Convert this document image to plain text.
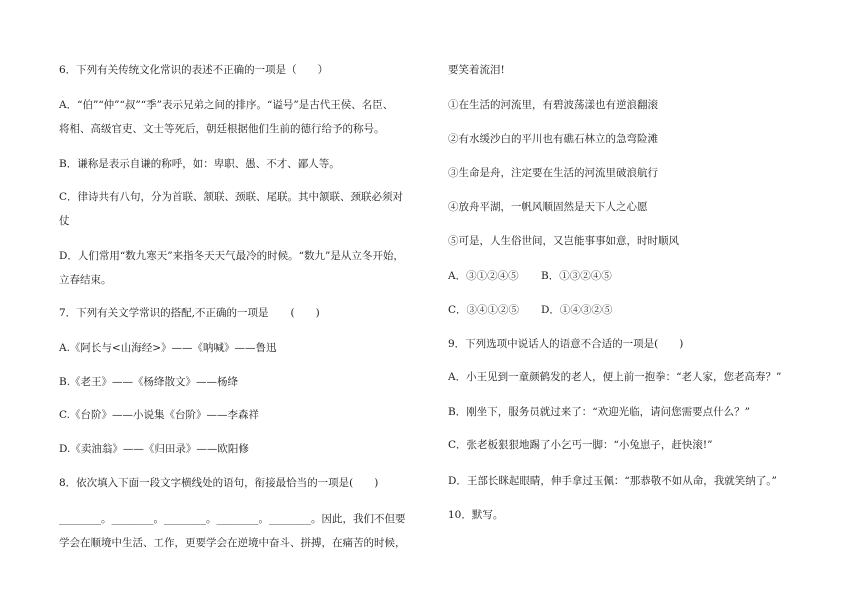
6．下列有关传统文化常识的表述不正确的一项是（　　）
A．“伯”“仲”“叔”“季”表示兄弟之间的排序。“谥号”是古代王侯、名臣、
将相、高级官吏、文士等死后，朝廷根据他们生前的德行给予的称号。
B．谦称是表示自谦的称呼，如：卑职、愚、不才、鄙人等。
C．律诗共有八句，分为首联、颔联、颈联、尾联。其中颔联、颈联必须对
仗
D．人们常用“数九寒天”来指冬天天气最冷的时候。“数九”是从立冬开始，
立春结束。
7．下列有关文学常识的搭配,不正确的一项是 (　　)
A.《阿长与<山海经>》——《呐喊》——鲁迅
B.《老王》——《杨绛散文》——杨绛
C.《台阶》——小说集《台阶》——李森祥
D.《卖油翁》——《归田录》——欧阳修
8．依次填入下面一段文字横线处的语句，衔接最恰当的一项是(　　)
________。________。________。________。________。因此，我们不但要
学会在顺境中生活、工作，更要学会在逆境中奋斗、拼搏，在痛苦的时候，
要笑着流泪!
①在生活的河流里，有碧波荡漾也有逆浪翻滚
②有水缓沙白的平川也有礁石林立的急弯险滩
③生命是舟，注定要在生活的河流里破浪航行
④放舟平湖，一帆风顺固然是天下人之心愿
⑤可是，人生俗世间，又岂能事事如意，时时顺风
A．③①②④⑤ B．①③②④⑤
C．③④①②⑤ D．①④③②⑤
9．下列选项中说话人的语意不合适的一项是(　　)
A．小王见到一童颜鹤发的老人，便上前一抱拳：“老人家，您老高寿？”
B．刚坐下，服务员就过来了：“欢迎光临，请问您需要点什么？”
C．张老板狠狠地踢了小乞丐一脚：“小兔崽子，赶快滚!”
D．王部长眯起眼睛，伸手拿过玉佩：“那恭敬不如从命，我就笑纳了。”
10．默写。
